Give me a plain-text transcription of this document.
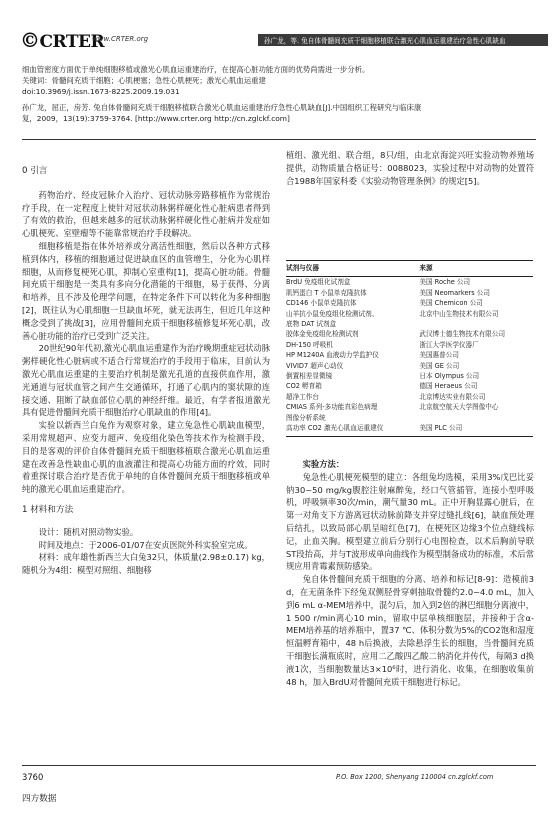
©CRTER
www.CRTER.org	孙广龙，等. 兔自体骨髓间充质干细胞移植联合激光心肌血运重建治疗急性心肌缺血

细血管密度方面优于单纯细胞移植或激光心肌血运重建治疗，在提高心脏功能方面的优势尚需进一步分析。

关键词：骨髓间充质干细胞；心肌梗塞；急性心肌梗死；激光心肌血运重建

doi:10.3969/j.issn.1673-8225.2009.19.031

孙广龙，屈正，房芳. 兔自体骨髓间充质干细胞移植联合激光心肌血运重建治疗急性心肌缺血[J].中国组织工程研究与临床康

复，2009，13(19):3759-3764. [http://www.crter.org http://cn.zglckf.com]

0 引言

药物治疗、经皮冠脉介入治疗、冠状动脉旁路移植作为常规治疗手段，在一定程度上使针对冠状动脉粥样硬化性心脏病患者得到了有效的救治，但越来越多的冠状动脉粥样硬化性心脏病并发症如心肌梗死、室壁瘤等不能靠常规治疗手段解决。

细胞移植是指在体外培养或分离活性细胞，然后以各种方式移植到体内，移植的细胞通过促进缺血区的血管增生，分化为心肌样细胞，从而修复梗死心肌，抑制心室重构[1]，提高心脏功能。骨髓间充质干细胞是一类具有多向分化潜能的干细胞，易于获得、分离和培养，且不涉及伦理学问题，在特定条件下可以转化为多种细胞[2]，既往认为心肌细胞一旦缺血坏死，就无法再生，但近几年这种概念受到了挑战[3]，应用骨髓间充质干细胞移植修复坏死心肌，改善心脏功能的治疗已受到广泛关注。

20世纪90年代初,激光心肌血运重建作为治疗晚期重症冠状动脉粥样硬化性心脏病或不适合行常规治疗的手段用于临床，目前认为激光心肌血运重建的主要治疗机制是激光孔道的直接供血作用，激光通道与冠状血管之间产生交通循环，打通了心肌内的窦状隙的连接交通、阻断了缺血部位心肌的神经纤维。最近，有学者报道激光具有促进骨髓间充质干细胞治疗心肌缺血的作用[4]。

实验以新西兰白兔作为观察对象，建立兔急性心肌缺血模型，采用常规超声、应变力超声、免疫组化染色等技术作为检测手段，目的是客观的评价自体骨髓间充质干细胞移植联合激光心肌血运重建在改善急性缺血心肌的血液灌注和提高心功能方面的疗效，同时着重探讨联合治疗是否优于单纯的自体骨髓间充质干细胞移植或单纯的激光心肌血运重建治疗。

1 材料和方法

设计：随机对照动物实验。

时间及地点：于2006-01/07在安贞医院外科实验室完成。

材料：成年雄性新西兰大白兔32只，体质量(2.98±0.17) kg，随机分为4组：模型对照组、细胞移

植组、激光组、联合组，8只/组，由北京海淀兴旺实验动物养殖场提供，动物质量合格证号：0088023，实验过程中对动物的处置符合1988年国家科委《实验动物管理条例》的规定[5]。

试剂与仪器	来源
BrdU 免疫组化试剂盒	美国 Roche 公司
肌钙蛋白 T 小鼠单克隆抗体	美国 Neomarkers 公司
CD146 小鼠单克隆抗体	美国 Chemicon 公司
山羊抗小鼠免疫组化检测试剂、	北京中山生物技术有限公司
底物 DAT 试剂盒	
胶体金免疫组化检测试剂	武汉博士德生物技术有限公司
DH-150 呼吸机	浙江大学医学仪器厂
HP M1240A 血液动力学监护仪	美国惠普公司
VIVID7 超声心动仪	美国 GE 公司
倒置相差显微镜	日本 Olympus 公司
CO2 孵育箱	德国 Heraeus 公司
超净工作台	北京博达实业有限公司
CMIAS 系列-多功能真彩色病理	北京航空航天大学图像中心
图像分析系统	
高功率 CO2 激光心肌血运重建仪	美国 PLC 公司

实验方法：

兔急性心肌梗死模型的建立：各组兔均选模，采用3%戊巴比妥钠30~50 mg/kg腹腔注射麻醉兔，经口气管插管，连接小型呼吸机，呼吸频率30次/min，潮气量30 mL。正中开胸显露心脏后，在第一对角支下方游离冠状动脉前降支并穿过缝扎线[6]，缺血预处理后结扎，以致局部心肌呈暗红色[7]，在梗死区边缘3个位点缝线标记，止血关胸。模型建立前后分别行心电图检查，以术后胸前导联ST段抬高，并与T波形成单向曲线作为模型制备成功的标准，术后常规应用青霉素预防感染。

兔自体骨髓间充质干细胞的分离、培养和标记[8-9]：造模前3 d，在无菌条件下经兔双侧胫骨穿刺抽取骨髓约2.0~4.0 mL，加入到6 mL α-MEM培养中，混匀后，加入到2倍的淋巴细胞分离液中，1 500 r/min离心10 min，留取中层单核细胞层，并接种于含α-MEM培养基的培养瓶中，置37 ℃、体积分数为5%的CO2饱和湿度恒温孵育箱中，48 h后换液，去除悬浮生长的细胞，当骨髓间充质干细胞长满瓶底时，应用二乙酸四乙酸二钠消化并传代，每隔3 d换液1次，当细胞数量达3×10⁶时，进行消化、收集，在细胞收集前48 h，加入BrdU对骨髓间充质干细胞进行标记。

3760	P.O. Box 1200, Shenyang 110004 cn.zglckf.com
四方数据
